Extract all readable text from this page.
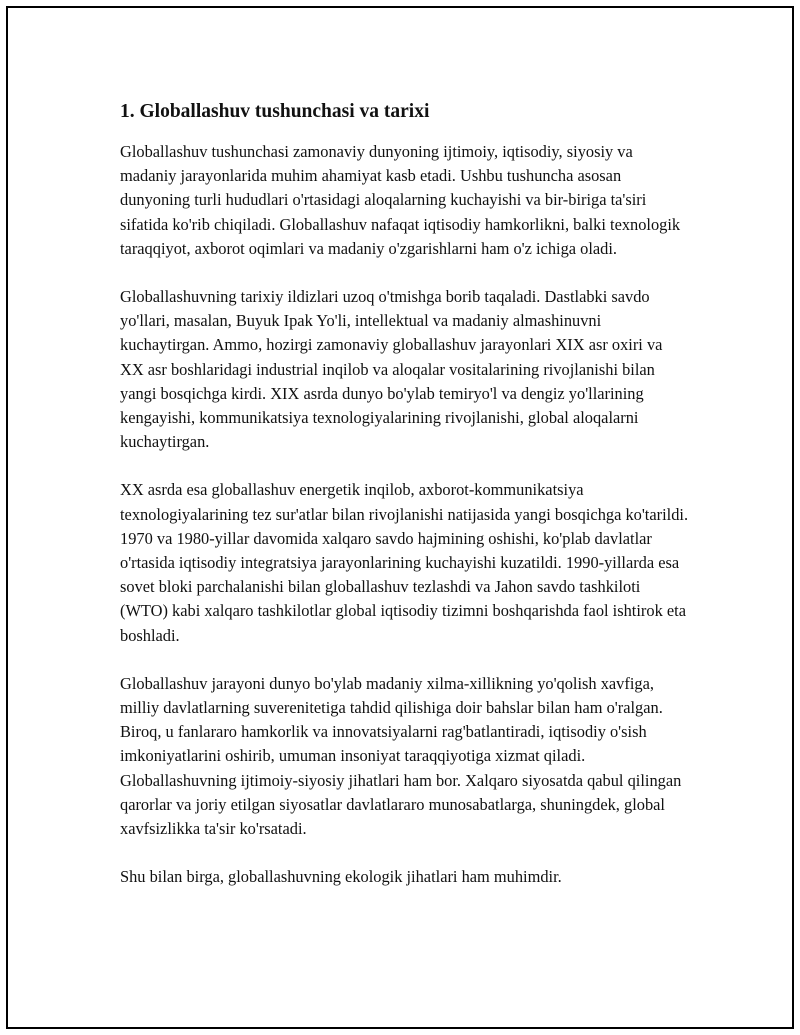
1. Globallashuv tushunchasi va tarixi

Globallashuv tushunchasi zamonaviy dunyoning ijtimoiy, iqtisodiy, siyosiy va madaniy jarayonlarida muhim ahamiyat kasb etadi. Ushbu tushuncha asosan dunyoning turli hududlari o'rtasidagi aloqalarning kuchayishi va bir-biriga ta'siri sifatida ko'rib chiqiladi. Globallashuv nafaqat iqtisodiy hamkorlikni, balki texnologik taraqqiyot, axborot oqimlari va madaniy o'zgarishlarni ham o'z ichiga oladi.

Globallashuvning tarixiy ildizlari uzoq o'tmishga borib taqaladi. Dastlabki savdo yo'llari, masalan, Buyuk Ipak Yo'li, intellektual va madaniy almashinuvni kuchaytirgan. Ammo, hozirgi zamonaviy globallashuv jarayonlari XIX asr oxiri va XX asr boshlaridagi industrial inqilob va aloqalar vositalarining rivojlanishi bilan yangi bosqichga kirdi. XIX asrda dunyo bo'ylab temiryo'l va dengiz yo'llarining kengayishi, kommunikatsiya texnologiyalarining rivojlanishi, global aloqalarni kuchaytirgan.

XX asrda esa globallashuv energetik inqilob, axborot-kommunikatsiya texnologiyalarining tez sur'atlar bilan rivojlanishi natijasida yangi bosqichga ko'tarildi. 1970 va 1980-yillar davomida xalqaro savdo hajmining oshishi, ko'plab davlatlar o'rtasida iqtisodiy integratsiya jarayonlarining kuchayishi kuzatildi. 1990-yillarda esa sovet bloki parchalanishi bilan globallashuv tezlashdi va Jahon savdo tashkiloti (WTO) kabi xalqaro tashkilotlar global iqtisodiy tizimni boshqarishda faol ishtirok eta boshladi.

Globallashuv jarayoni dunyo bo'ylab madaniy xilma-xillikning yo'qolish xavfiga, milliy davlatlarning suverenitetiga tahdid qilishiga doir bahslar bilan ham o'ralgan. Biroq, u fanlararo hamkorlik va innovatsiyalarni rag'batlantiradi, iqtisodiy o'sish imkoniyatlarini oshirib, umuman insoniyat taraqqiyotiga xizmat qiladi. Globallashuvning ijtimoiy-siyosiy jihatlari ham bor. Xalqaro siyosatda qabul qilingan qarorlar va joriy etilgan siyosatlar davlatlararo munosabatlarga, shuningdek, global xavfsizlikka ta'sir ko'rsatadi.

Shu bilan birga, globallashuvning ekologik jihatlari ham muhimdir.
